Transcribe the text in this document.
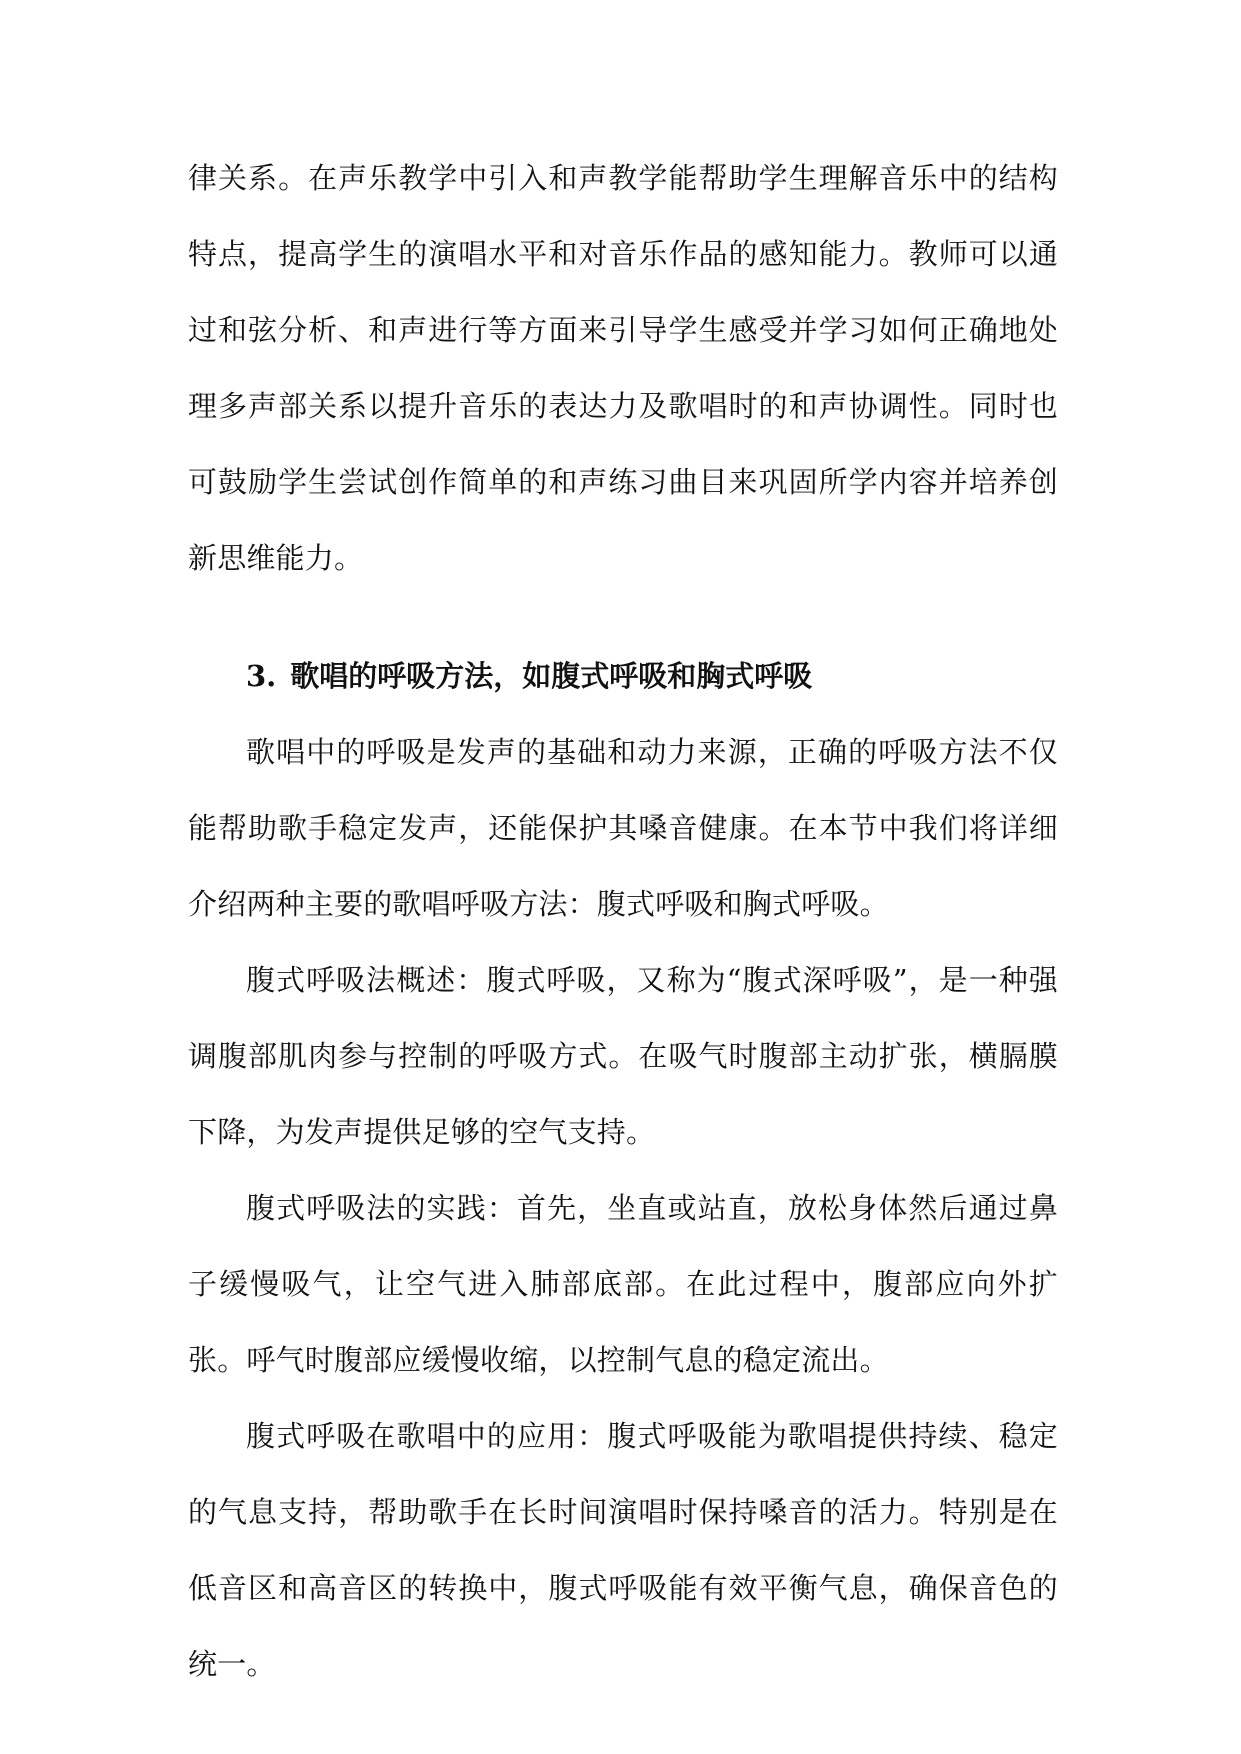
律关系。在声乐教学中引入和声教学能帮助学生理解音乐中的结构特点，提高学生的演唱水平和对音乐作品的感知能力。教师可以通过和弦分析、和声进行等方面来引导学生感受并学习如何正确地处理多声部关系以提升音乐的表达力及歌唱时的和声协调性。同时也可鼓励学生尝试创作简单的和声练习曲目来巩固所学内容并培养创新思维能力。

3. 歌唱的呼吸方法，如腹式呼吸和胸式呼吸

歌唱中的呼吸是发声的基础和动力来源，正确的呼吸方法不仅能帮助歌手稳定发声，还能保护其嗓音健康。在本节中我们将详细介绍两种主要的歌唱呼吸方法：腹式呼吸和胸式呼吸。

腹式呼吸法概述：腹式呼吸，又称为“腹式深呼吸”，是一种强调腹部肌肉参与控制的呼吸方式。在吸气时腹部主动扩张，横膈膜下降，为发声提供足够的空气支持。

腹式呼吸法的实践：首先，坐直或站直，放松身体然后通过鼻子缓慢吸气，让空气进入肺部底部。在此过程中，腹部应向外扩张。呼气时腹部应缓慢收缩，以控制气息的稳定流出。

腹式呼吸在歌唱中的应用：腹式呼吸能为歌唱提供持续、稳定的气息支持，帮助歌手在长时间演唱时保持嗓音的活力。特别是在低音区和高音区的转换中，腹式呼吸能有效平衡气息，确保音色的统一。
